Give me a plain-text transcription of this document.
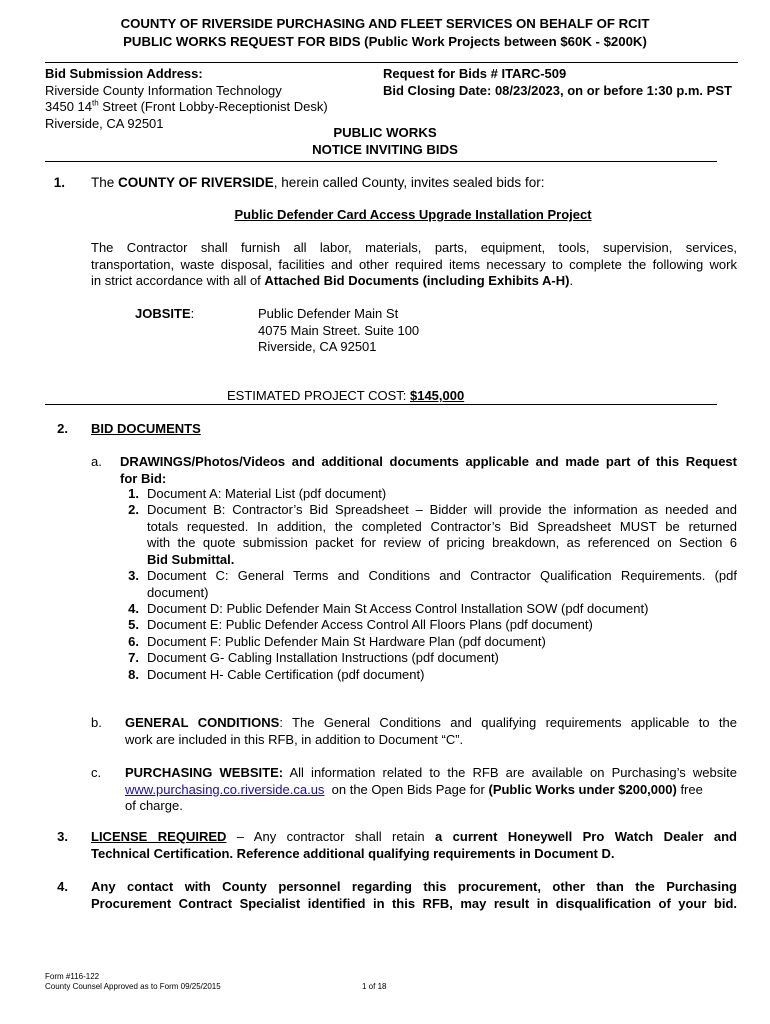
COUNTY OF RIVERSIDE PURCHASING AND FLEET SERVICES ON BEHALF OF RCIT
PUBLIC WORKS REQUEST FOR BIDS (Public Work Projects between $60K - $200K)
Bid Submission Address:
Riverside County Information Technology
3450 14th Street (Front Lobby-Receptionist Desk)
Riverside, CA 92501
Request for Bids # ITARC-509
Bid Closing Date: 08/23/2023, on or before 1:30 p.m. PST
PUBLIC WORKS
NOTICE INVITING BIDS
1. The COUNTY OF RIVERSIDE, herein called County, invites sealed bids for:
Public Defender Card Access Upgrade Installation Project
The Contractor shall furnish all labor, materials, parts, equipment, tools, supervision, services,
transportation, waste disposal, facilities and other required items necessary to complete the following work
in strict accordance with all of Attached Bid Documents (including Exhibits A-H).
JOBSITE:	Public Defender Main St
4075 Main Street. Suite 100
Riverside, CA 92501
ESTIMATED PROJECT COST: $145,000
2. BID DOCUMENTS
a. DRAWINGS/Photos/Videos and additional documents applicable and made part of this Request
for Bid:
1. Document A: Material List (pdf document)
2. Document B: Contractor’s Bid Spreadsheet – Bidder will provide the information as needed and
totals requested. In addition, the completed Contractor’s Bid Spreadsheet MUST be returned
with the quote submission packet for review of pricing breakdown, as referenced on Section 6
Bid Submittal.
3. Document C: General Terms and Conditions and Contractor Qualification Requirements. (pdf
document)
4. Document D: Public Defender Main St Access Control Installation SOW (pdf document)
5. Document E: Public Defender Access Control All Floors Plans (pdf document)
6. Document F: Public Defender Main St Hardware Plan (pdf document)
7. Document G- Cabling Installation Instructions (pdf document)
8. Document H- Cable Certification (pdf document)
b. GENERAL CONDITIONS: The General Conditions and qualifying requirements applicable to the
work are included in this RFB, in addition to Document “C”.
c. PURCHASING WEBSITE: All information related to the RFB are available on Purchasing’s website
www.purchasing.co.riverside.ca.us  on the Open Bids Page for (Public Works under $200,000) free
of charge.
3. LICENSE REQUIRED – Any contractor shall retain a current Honeywell Pro Watch Dealer and
Technical Certification. Reference additional qualifying requirements in Document D.
4. Any contact with County personnel regarding this procurement, other than the Purchasing
Procurement Contract Specialist identified in this RFB, may result in disqualification of your bid.
Form #116-122
County Counsel Approved as to Form 09/25/2015	1 of 18
